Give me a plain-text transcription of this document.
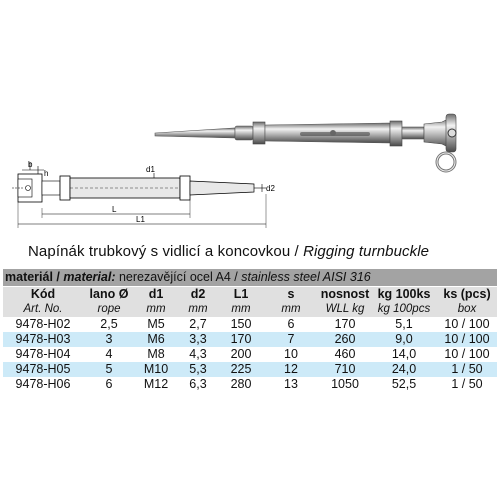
b
h	d1
d2
L
L1
Napínák trubkový s vidlicí a koncovkou / Rigging turnbuckle
materiál / material: nerezavějící ocel A4 / stainless steel AISI 316
Kód	lano Ø	d1	d2	L1	s	nosnost	kg 100ks	ks (pcs)
Art. No.	rope	mm	mm	mm	mm	WLL kg	kg 100pcs	box
9478-H02	2,5	M5	2,7	150	6	170	5,1	10 / 100
9478-H03	3	M6	3,3	170	7	260	9,0	10 / 100
9478-H04	4	M8	4,3	200	10	460	14,0	10 / 100
9478-H05	5	M10	5,3	225	12	710	24,0	1 / 50
9478-H06	6	M12	6,3	280	13	1050	52,5	1 / 50
